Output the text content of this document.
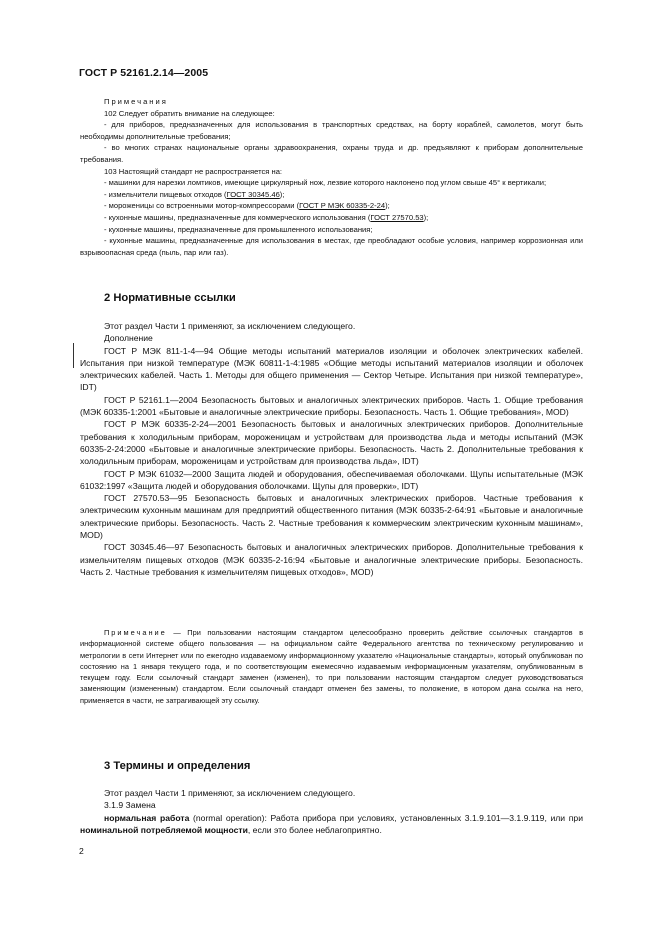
ГОСТ Р 52161.2.14—2005

Примечания

102 Следует обратить внимание на следующее:

- для приборов, предназначенных для использования в транспортных средствах, на борту кораблей, самолетов, могут быть необходимы дополнительные требования;

- во многих странах национальные органы здравоохранения, охраны труда и др. предъявляют к приборам дополнительные требования.

103 Настоящий стандарт не распространяется на:

- машинки для нарезки ломтиков, имеющие циркулярный нож, лезвие которого наклонено под углом свыше 45° к вертикали;

- измельчители пищевых отходов (ГОСТ 30345.46);

- мороженицы со встроенными мотор-компрессорами (ГОСТ Р МЭК 60335-2-24);

- кухонные машины, предназначенные для коммерческого использования (ГОСТ 27570.53);

- кухонные машины, предназначенные для промышленного использования;

- кухонные машины, предназначенные для использования в местах, где преобладают особые условия, например коррозионная или взрывоопасная среда (пыль, пар или газ).

2 Нормативные ссылки

Этот раздел Части 1 применяют, за исключением следующего.

Дополнение

ГОСТ Р МЭК 811-1-4—94 Общие методы испытаний материалов изоляции и оболочек электрических кабелей. Испытания при низкой температуре (МЭК 60811-1-4:1985 «Общие методы испытаний материалов изоляции и оболочек электрических кабелей. Часть 1. Методы для общего применения — Сектор Четыре. Испытания при низкой температуре», IDT)

ГОСТ Р 52161.1—2004 Безопасность бытовых и аналогичных электрических приборов. Часть 1. Общие требования (МЭК 60335-1:2001 «Бытовые и аналогичные электрические приборы. Безопасность. Часть 1. Общие требования», MOD)

ГОСТ Р МЭК 60335-2-24—2001 Безопасность бытовых и аналогичных электрических приборов. Дополнительные требования к холодильным приборам, мороженицам и устройствам для производства льда и методы испытаний (МЭК 60335-2-24:2000 «Бытовые и аналогичные электрические приборы. Безопасность. Часть 2. Дополнительные требования к холодильным приборам, мороженицам и устройствам для производства льда», IDT)

ГОСТ Р МЭК 61032—2000 Защита людей и оборудования, обеспечиваемая оболочками. Щупы испытательные (МЭК 61032:1997 «Защита людей и оборудования оболочками. Щупы для проверки», IDT)

ГОСТ 27570.53—95 Безопасность бытовых и аналогичных электрических приборов. Частные требования к электрическим кухонным машинам для предприятий общественного питания (МЭК 60335-2-64:91 «Бытовые и аналогичные электрические приборы. Безопасность. Часть 2. Частные требования к коммерческим электрическим кухонным машинам», MOD)

ГОСТ 30345.46—97 Безопасность бытовых и аналогичных электрических приборов. Дополнительные требования к измельчителям пищевых отходов (МЭК 60335-2-16:94 «Бытовые и аналогичные электрические приборы. Безопасность. Часть 2. Частные требования к измельчителям пищевых отходов», MOD)

Примечание — При пользовании настоящим стандартом целесообразно проверить действие ссылочных стандартов в информационной системе общего пользования — на официальном сайте Федерального агентства по техническому регулированию и метрологии в сети Интернет или по ежегодно издаваемому информационному указателю «Национальные стандарты», который опубликован по состоянию на 1 января текущего года, и по соответствующим ежемесячно издаваемым информационным указателям, опубликованным в текущем году. Если ссылочный стандарт заменен (изменен), то при пользовании настоящим стандартом следует руководствоваться заменяющим (измененным) стандартом. Если ссылочный стандарт отменен без замены, то положение, в котором дана ссылка на него, применяется в части, не затрагивающей эту ссылку.

3 Термины и определения

Этот раздел Части 1 применяют, за исключением следующего.

3.1.9 Замена

нормальная работа (normal operation): Работа прибора при условиях, установленных 3.1.9.101—3.1.9.119, или при номинальной потребляемой мощности, если это более неблагоприятно.

2
